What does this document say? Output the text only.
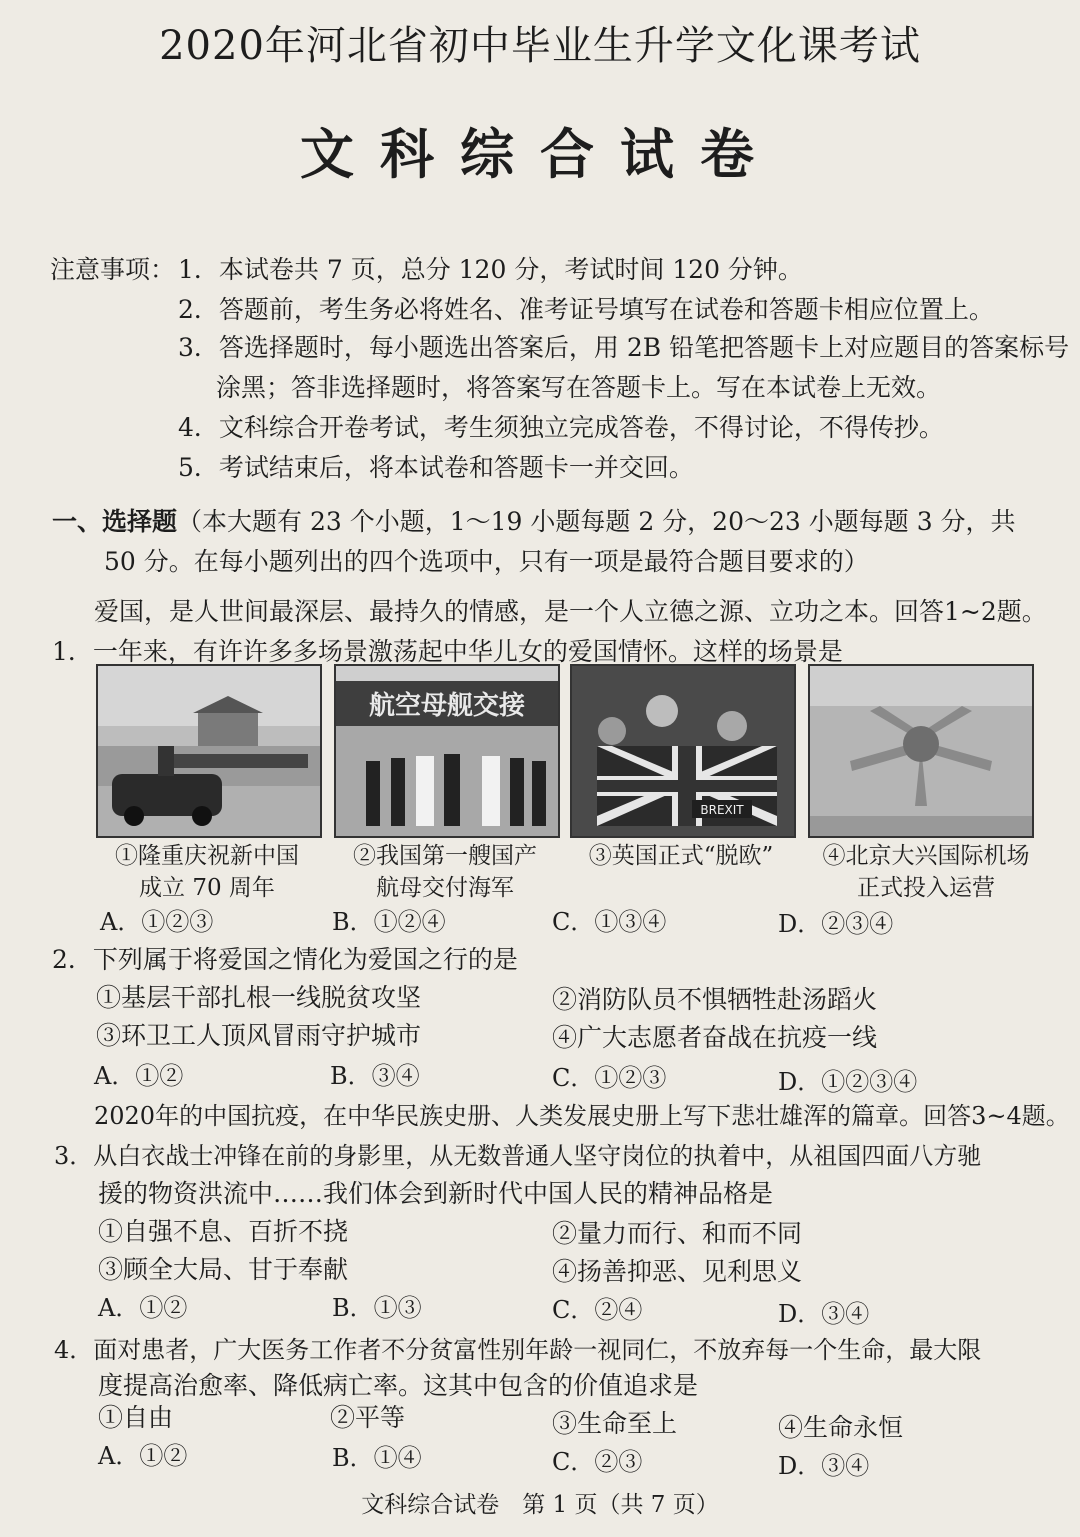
2020年河北省初中毕业生升学文化课考试
文科综合试卷
注意事项： 1．本试卷共 7 页，总分 120 分，考试时间 120 分钟。
2．答题前，考生务必将姓名、准考证号填写在试卷和答题卡相应位置上。
3．答选择题时，每小题选出答案后，用 2B 铅笔把答题卡上对应题目的答案标号
涂黑；答非选择题时，将答案写在答题卡上。写在本试卷上无效。
4．文科综合开卷考试，考生须独立完成答卷，不得讨论，不得传抄。
5．考试结束后，将本试卷和答题卡一并交回。
一、选择题（本大题有 23 个小题，1～19 小题每题 2 分，20～23 小题每题 3 分，共
50 分。在每小题列出的四个选项中，只有一项是最符合题目要求的）
爱国，是人世间最深层、最持久的情感，是一个人立德之源、立功之本。回答1~2题。
1．一年来，有许许多多场景激荡起中华儿女的爱国情怀。这样的场景是
航空母舰交接
BREXIT
①隆重庆祝新中国
成立 70 周年
②我国第一艘国产
航母交付海军
③英国正式“脱欧”	④北京大兴国际机场
正式投入运营
A．①②③	B．①②④	C．①③④	D．②③④
2．下列属于将爱国之情化为爱国之行的是
①基层干部扎根一线脱贫攻坚	②消防队员不惧牺牲赴汤蹈火
③环卫工人顶风冒雨守护城市	④广大志愿者奋战在抗疫一线
A．①②	B．③④	C．①②③	D．①②③④
2020年的中国抗疫，在中华民族史册、人类发展史册上写下悲壮雄浑的篇章。回答3~4题。
3．从白衣战士冲锋在前的身影里，从无数普通人坚守岗位的执着中，从祖国四面八方驰
援的物资洪流中……我们体会到新时代中国人民的精神品格是
①自强不息、百折不挠	②量力而行、和而不同
③顾全大局、甘于奉献	④扬善抑恶、见利思义
A．①②	B．①③	C．②④	D．③④
4．面对患者，广大医务工作者不分贫富性别年龄一视同仁，不放弃每一个生命，最大限
度提高治愈率、降低病亡率。这其中包含的价值追求是
①自由	②平等	③生命至上	④生命永恒
A．①②	B．①④	C．②③	D．③④
文科综合试卷　第 1 页（共 7 页）
